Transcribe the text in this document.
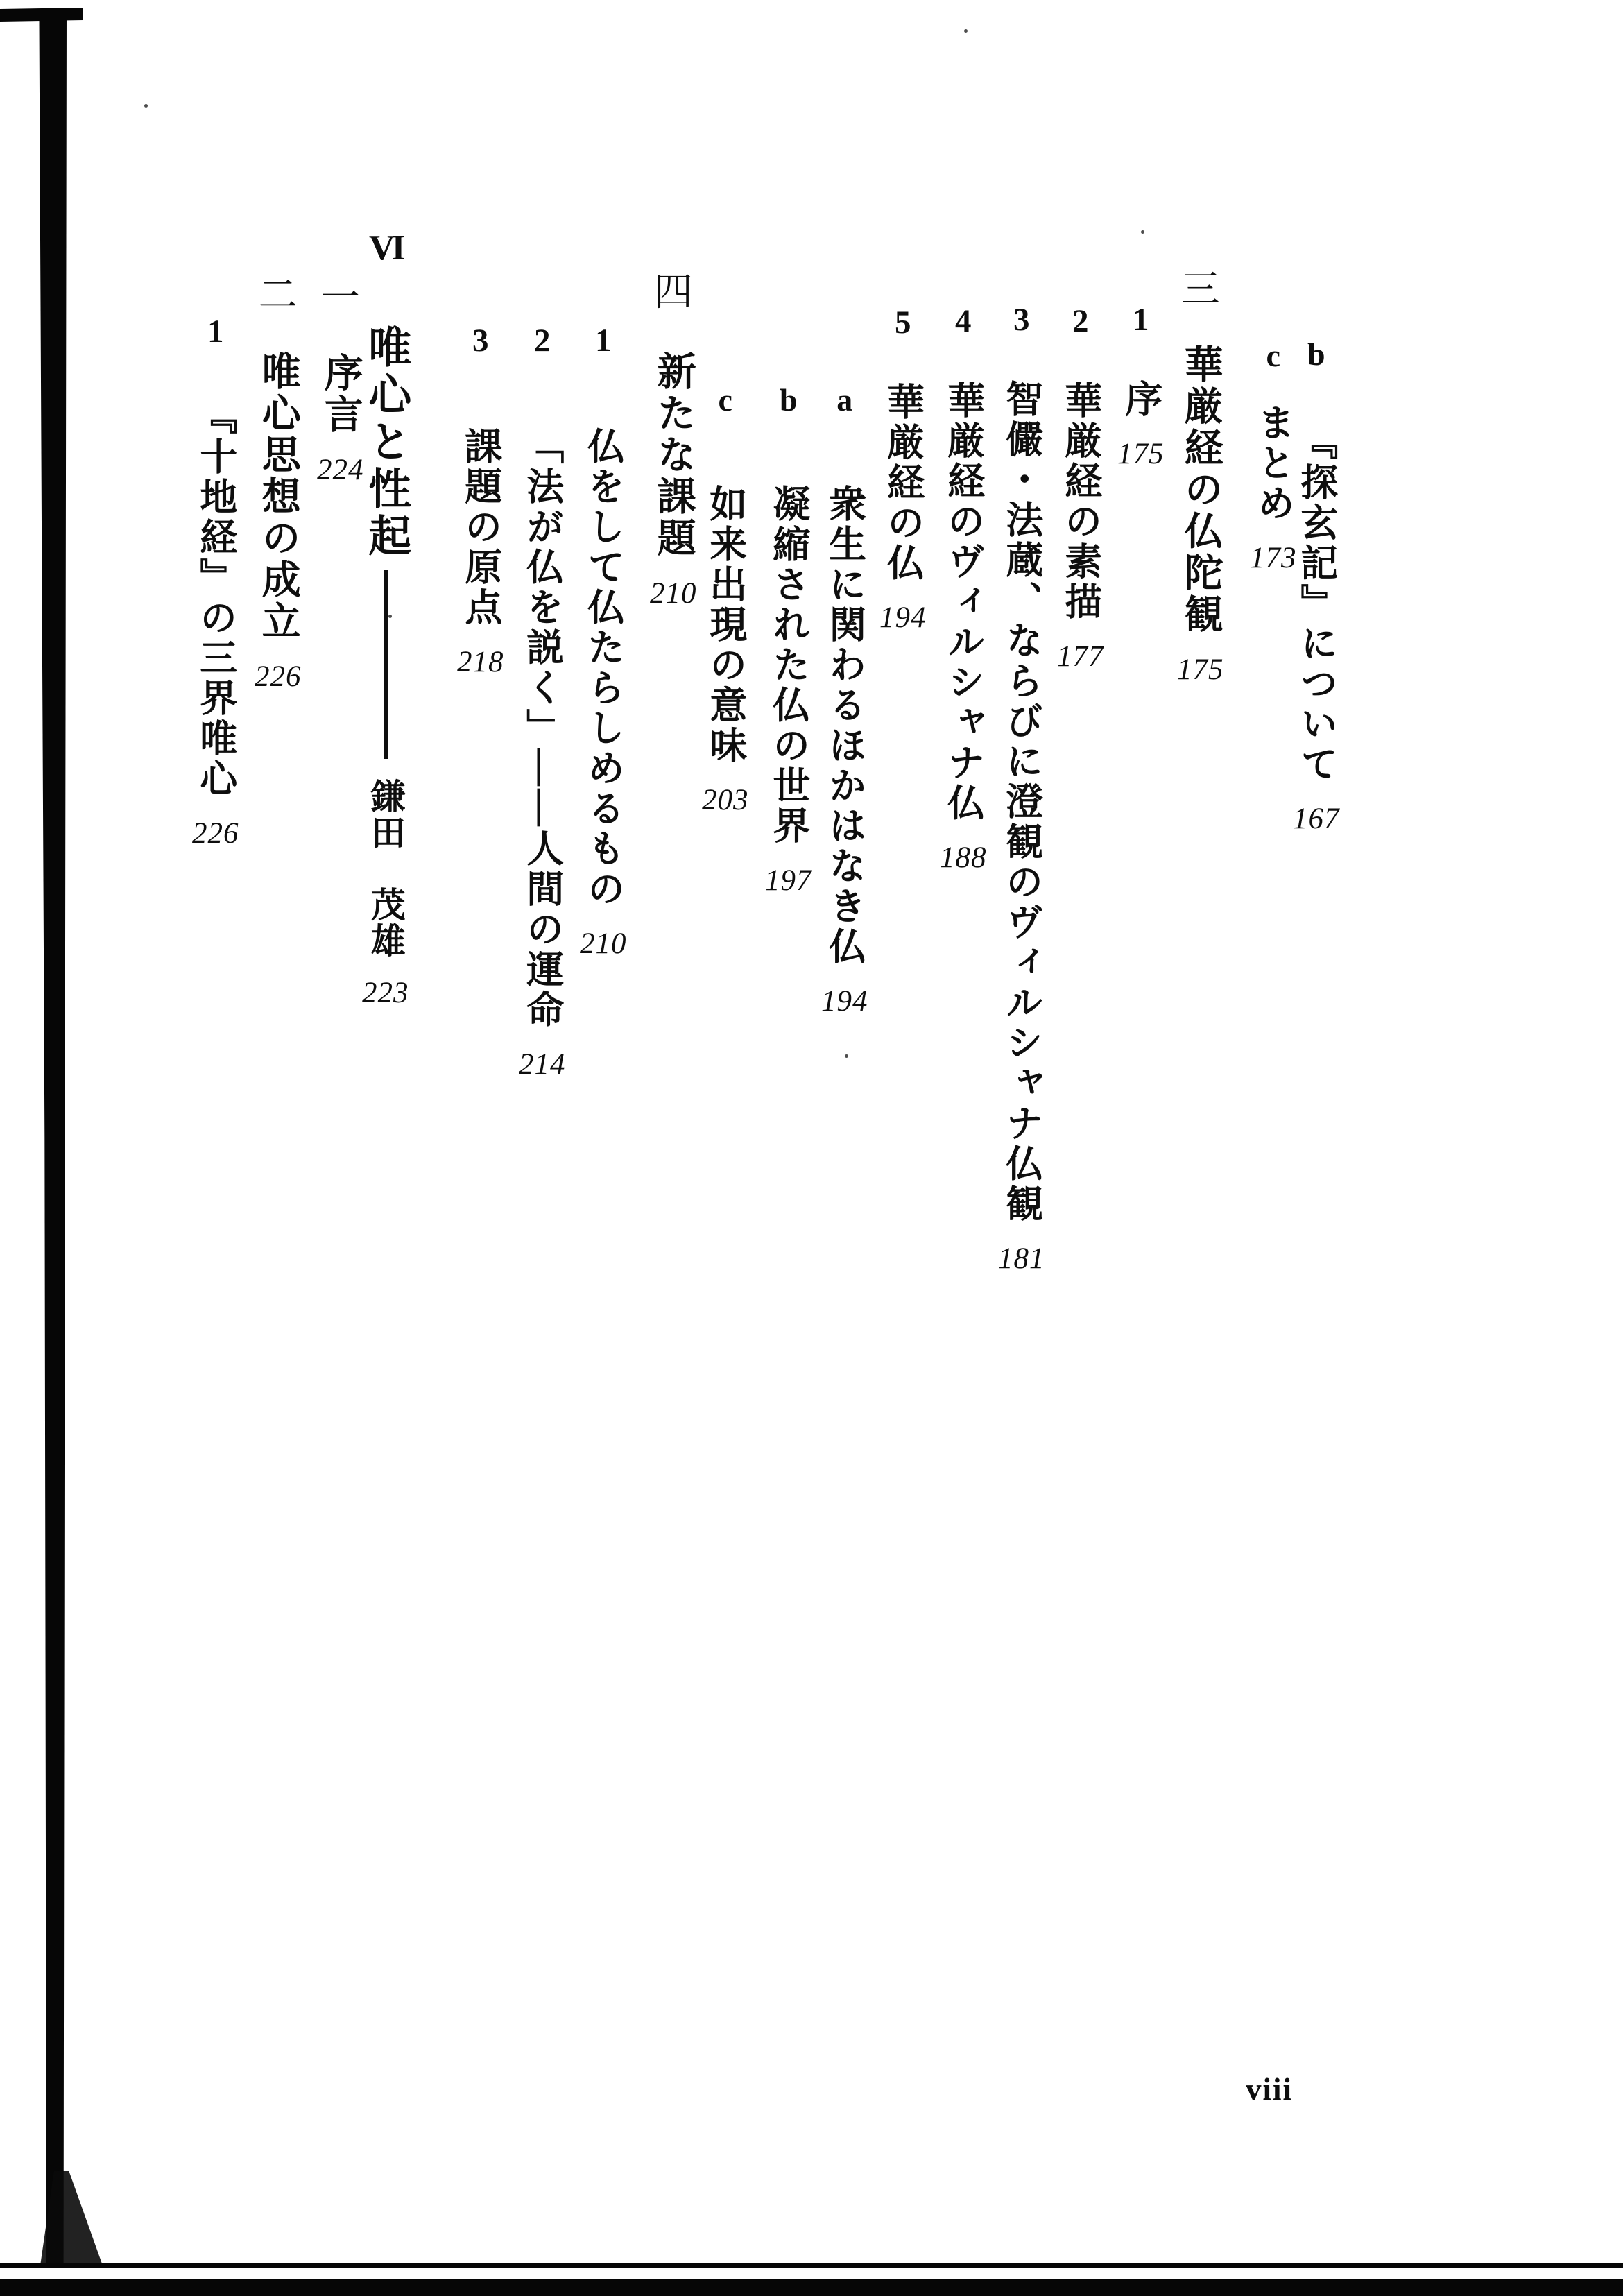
b『探玄記』について167
cまとめ173
三華厳経の仏陀観175
1序175
2華厳経の素描177
3智儼・法蔵、ならびに澄観のヴィルシャナ仏観181
4華厳経のヴィルシャナ仏188
5華厳経の仏194
a衆生に関わるほかはなき仏194
b凝縮された仏の世界197
c如来出現の意味203
四新たな課題210
1仏をして仏たらしめるもの210
2「法が仏を説く」——人間の運命214
3課題の原点218
VI唯心と性起鎌田　茂雄223
一序言224
二唯心思想の成立226
1『十地経』の三界唯心226
viii
